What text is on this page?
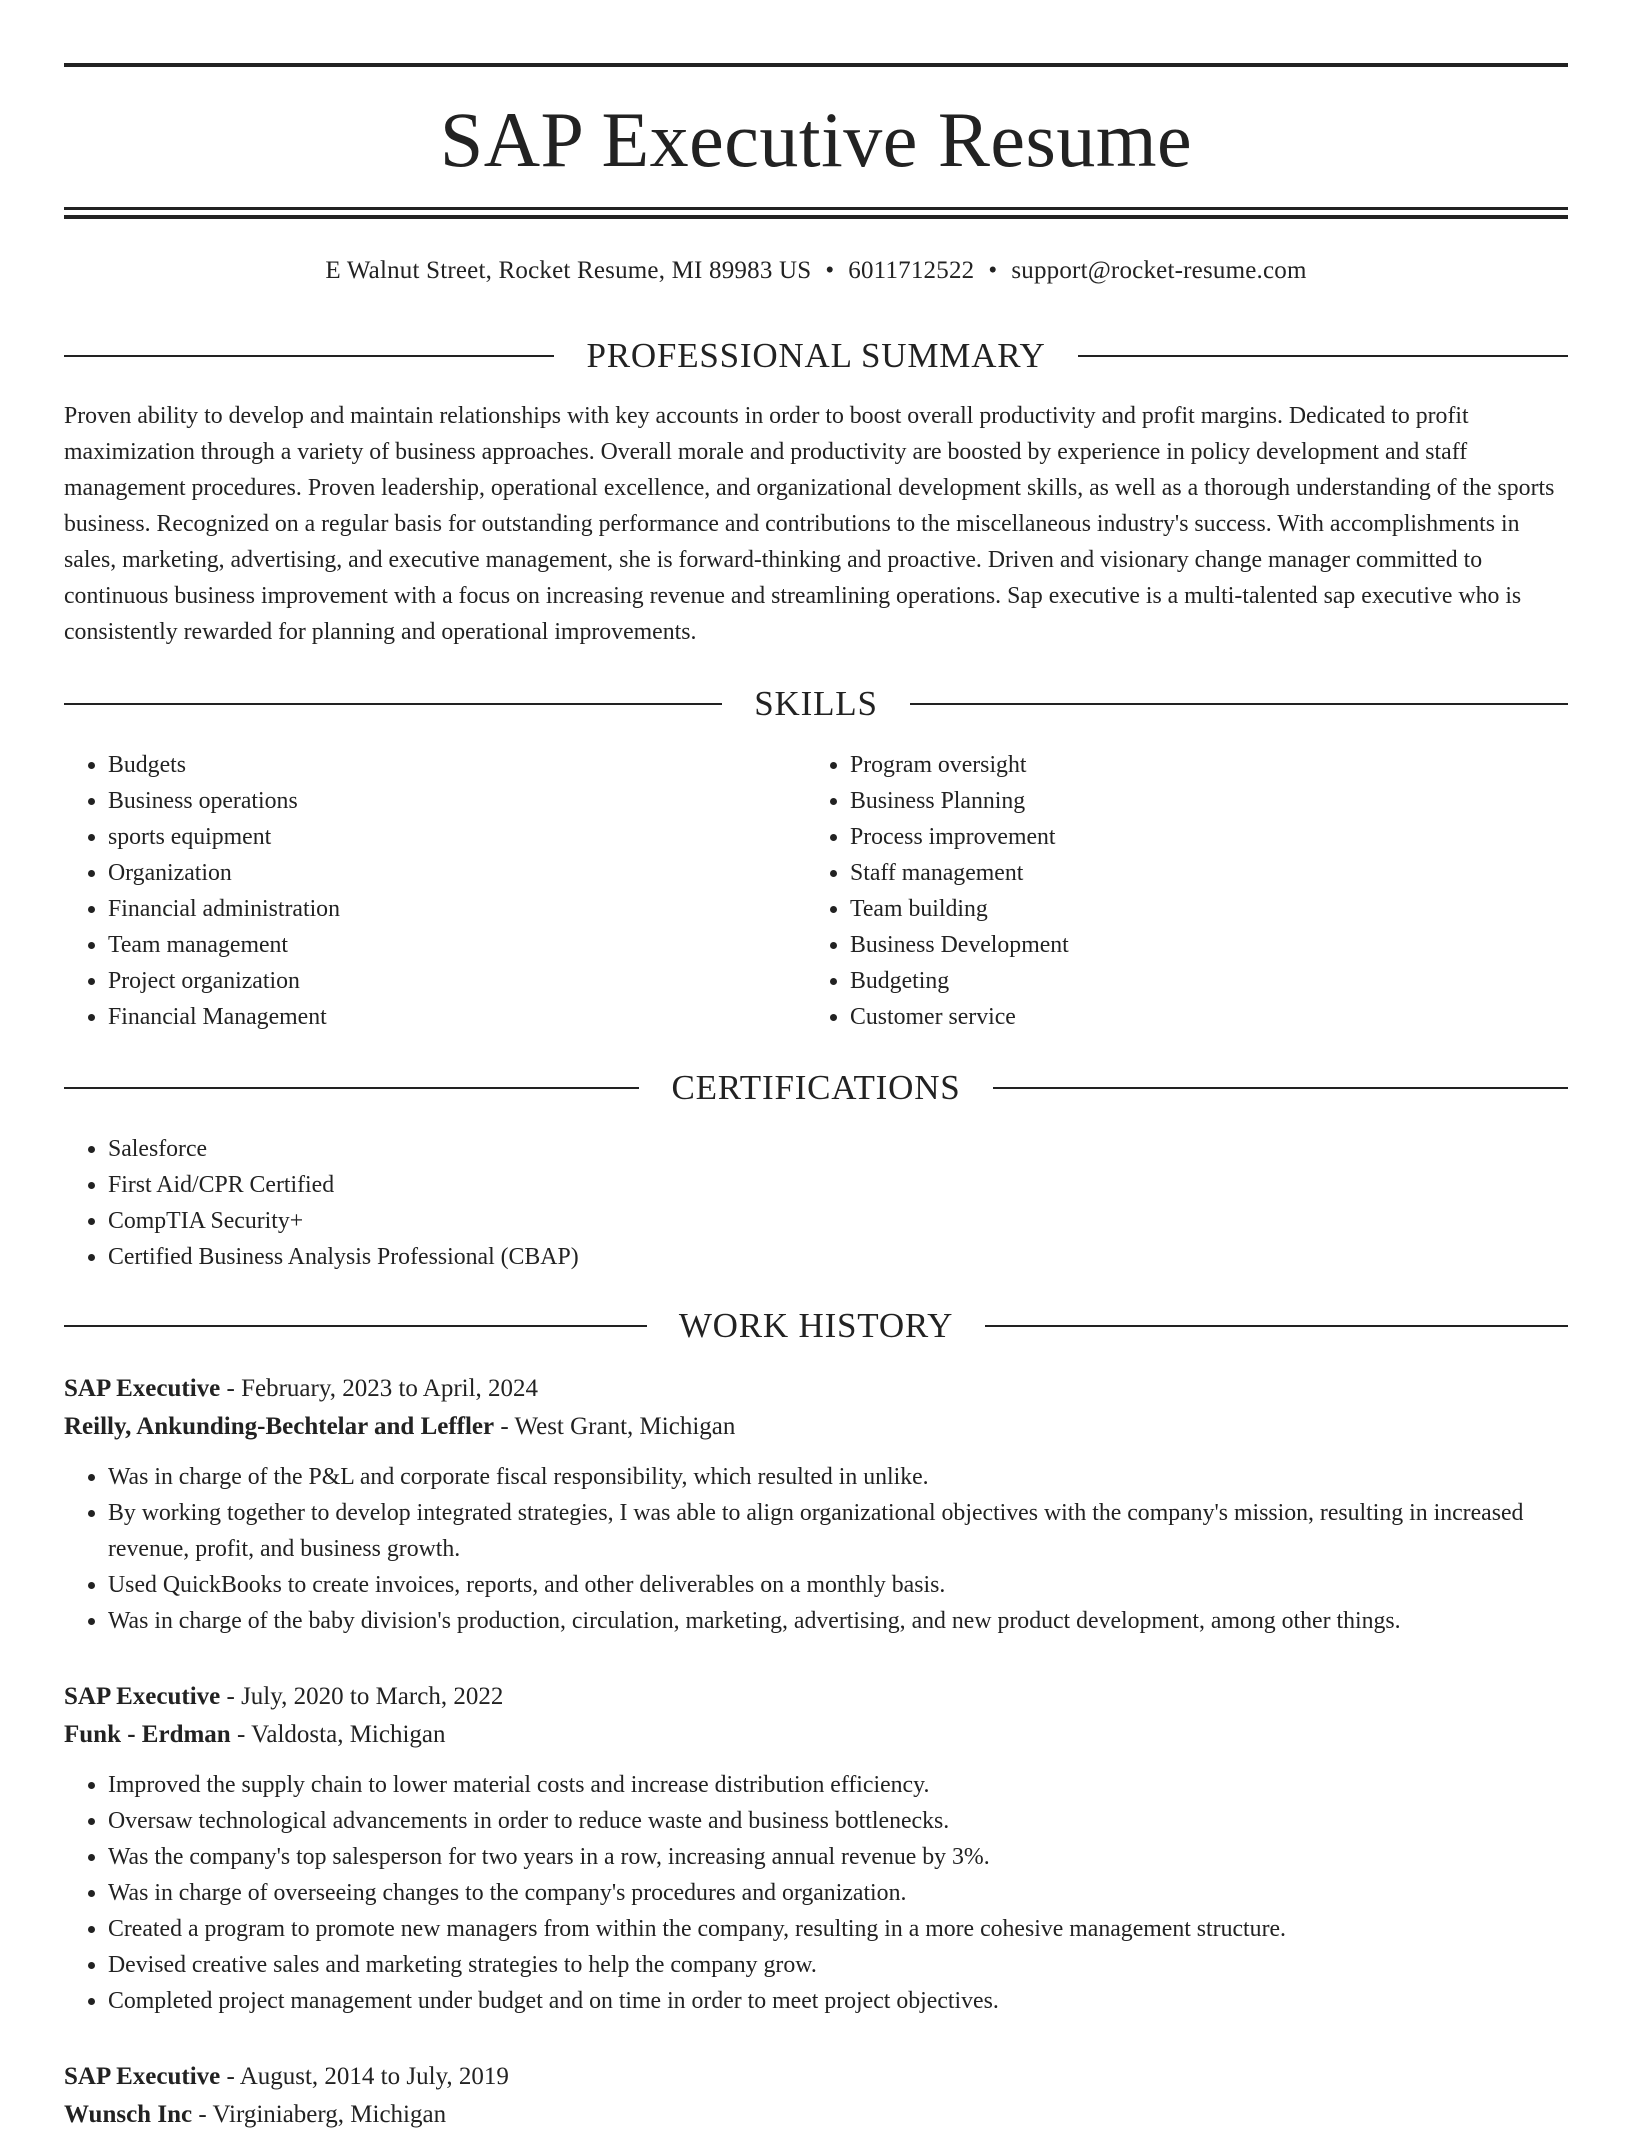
SAP Executive Resume
E Walnut Street, Rocket Resume, MI 89983 US • 6011712522 • support@rocket-resume.com
PROFESSIONAL SUMMARY

Proven ability to develop and maintain relationships with key accounts in order to boost overall productivity and profit margins. Dedicated to profit maximization through a variety of business approaches. Overall morale and productivity are boosted by experience in policy development and staff management procedures. Proven leadership, operational excellence, and organizational development skills, as well as a thorough understanding of the sports business. Recognized on a regular basis for outstanding performance and contributions to the miscellaneous industry's success. With accomplishments in sales, marketing, advertising, and executive management, she is forward-thinking and proactive. Driven and visionary change manager committed to continuous business improvement with a focus on increasing revenue and streamlining operations. Sap executive is a multi-talented sap executive who is consistently rewarded for planning and operational improvements.

SKILLS
• Budgets
• Business operations
• sports equipment
• Organization
• Financial administration
• Team management
• Project organization
• Financial Management
• Program oversight
• Business Planning
• Process improvement
• Staff management
• Team building
• Business Development
• Budgeting
• Customer service
CERTIFICATIONS
• Salesforce
• First Aid/CPR Certified
• CompTIA Security+
• Certified Business Analysis Professional (CBAP)
WORK HISTORY
SAP Executive - February, 2023 to April, 2024
Reilly, Ankunding-Bechtelar and Leffler - West Grant, Michigan
• Was in charge of the P&L and corporate fiscal responsibility, which resulted in unlike.
• By working together to develop integrated strategies, I was able to align organizational objectives with the company's mission, resulting in increased revenue, profit, and business growth.
• Used QuickBooks to create invoices, reports, and other deliverables on a monthly basis.
• Was in charge of the baby division's production, circulation, marketing, advertising, and new product development, among other things.
SAP Executive - July, 2020 to March, 2022
Funk - Erdman - Valdosta, Michigan
• Improved the supply chain to lower material costs and increase distribution efficiency.
• Oversaw technological advancements in order to reduce waste and business bottlenecks.
• Was the company's top salesperson for two years in a row, increasing annual revenue by 3%.
• Was in charge of overseeing changes to the company's procedures and organization.
• Created a program to promote new managers from within the company, resulting in a more cohesive management structure.
• Devised creative sales and marketing strategies to help the company grow.
• Completed project management under budget and on time in order to meet project objectives.
SAP Executive - August, 2014 to July, 2019
Wunsch Inc - Virginiaberg, Michigan
